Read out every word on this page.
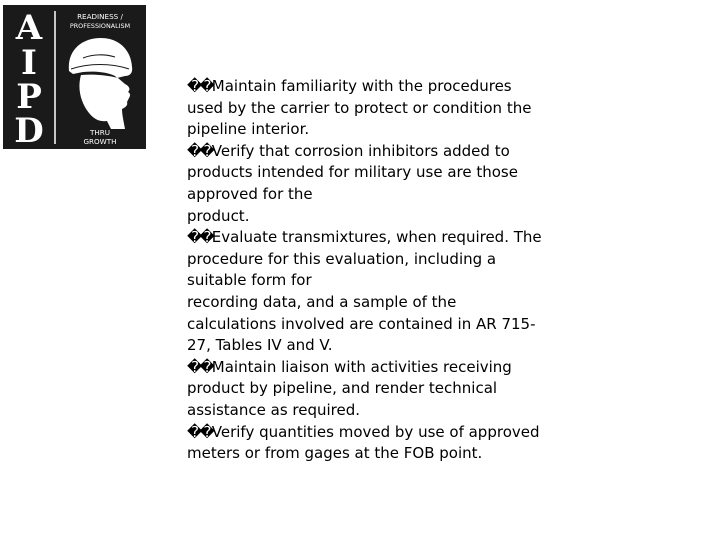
A
I
P
D
READINESS /
PROFESSIONALISM
THRU
GROWTH
��Maintain familiarity with the procedures
used by the carrier to protect or condition the
pipeline interior.
��Verify that corrosion inhibitors added to
products intended for military use are those
approved for the
product.
��Evaluate transmixtures, when required. The
procedure for this evaluation, including a
suitable form for
recording data, and a sample of the
calculations involved are contained in AR 715-
27, Tables IV and V.
��Maintain liaison with activities receiving
product by pipeline, and render technical
assistance as required.
��Verify quantities moved by use of approved
meters or from gages at the FOB point.
